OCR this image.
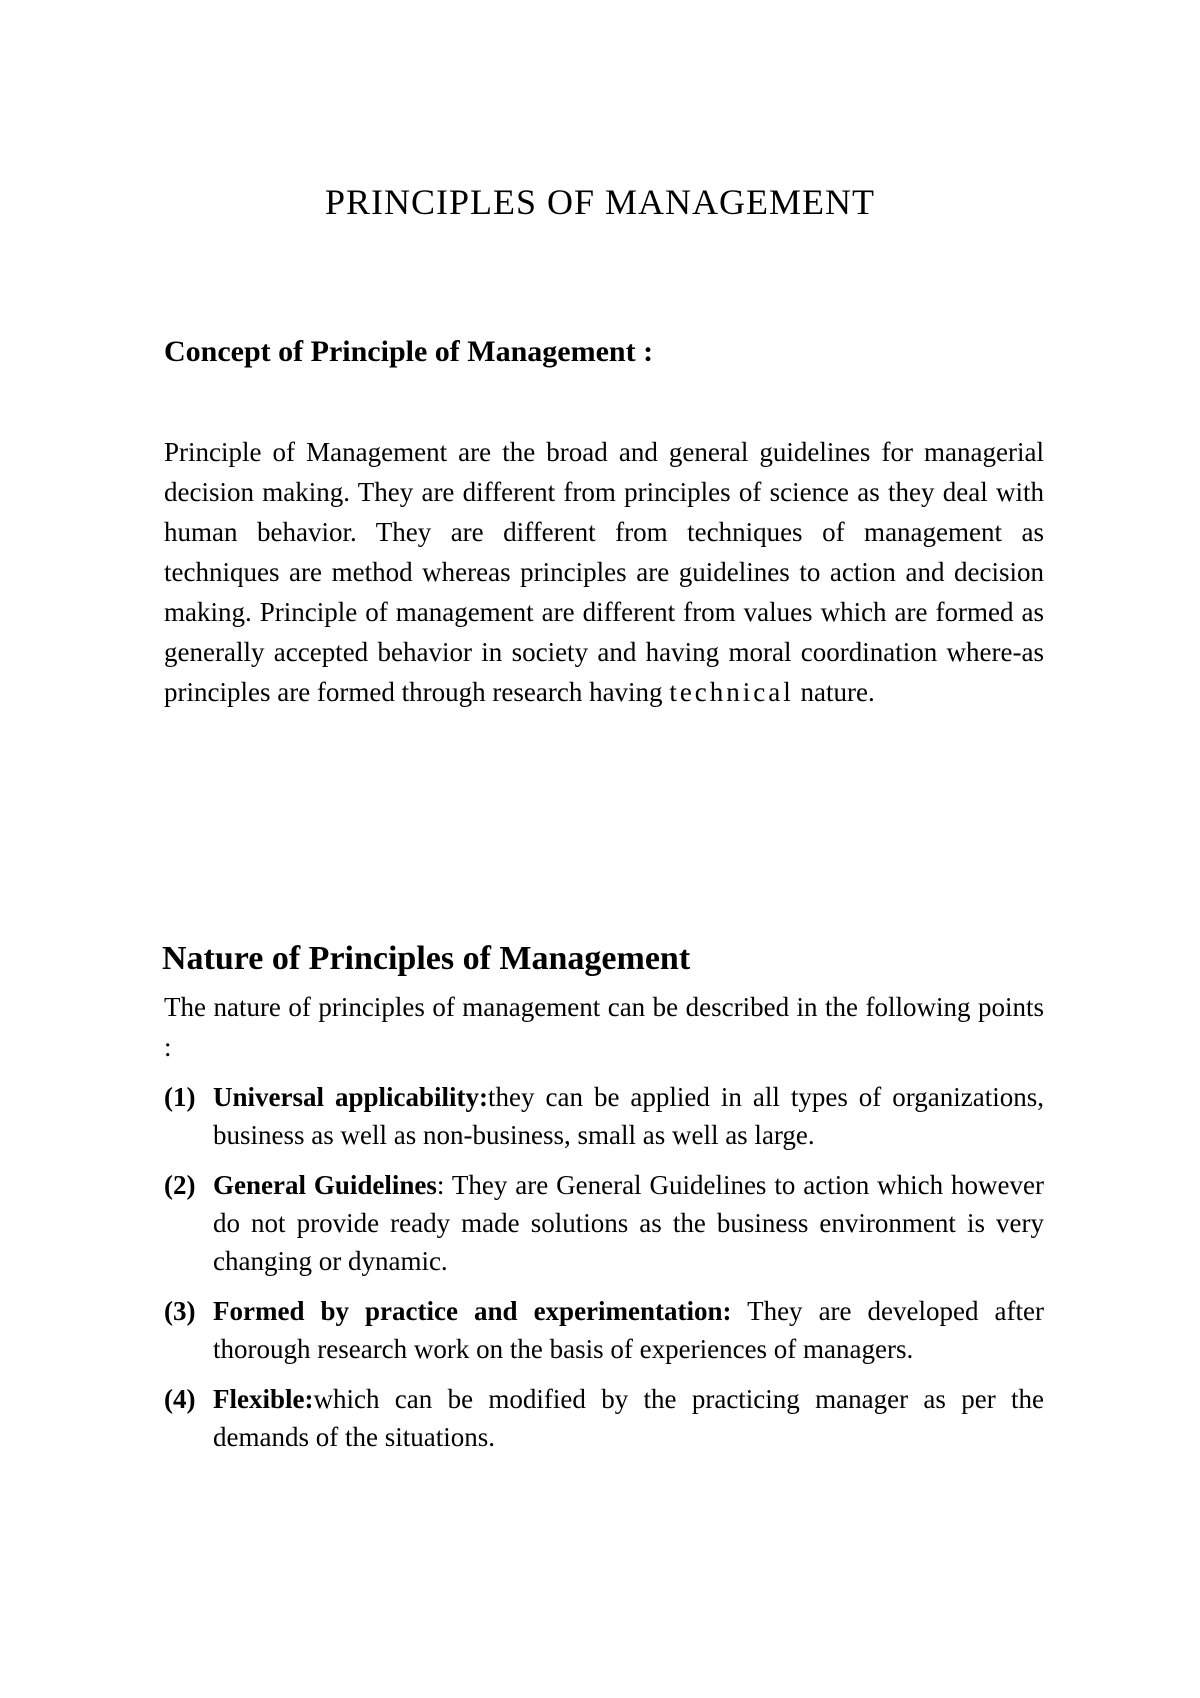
PRINCIPLES OF MANAGEMENT
Concept of Principle of Management :

Principle of Management are the broad and general guidelines for managerial decision making. They are different from principles of science as they deal with human behavior. They are different from techniques of management as techniques are method whereas principles are guidelines to action and decision making. Principle of management are different from values which are formed as generally accepted behavior in society and having moral coordination where-as principles are formed through research having technical nature.

Nature of Principles of Management

The nature of principles of management can be described in the following points :

(1) Universal applicability:they can be applied in all types of organizations, business as well as non-business, small as well as large.
(2) General Guidelines: They are General Guidelines to action which however do not provide ready made solutions as the business environment is very changing or dynamic.
(3) Formed by practice and experimentation: They are developed after thorough research work on the basis of experiences of managers.
(4) Flexible:which can be modified by the practicing manager as per the demands of the situations.
